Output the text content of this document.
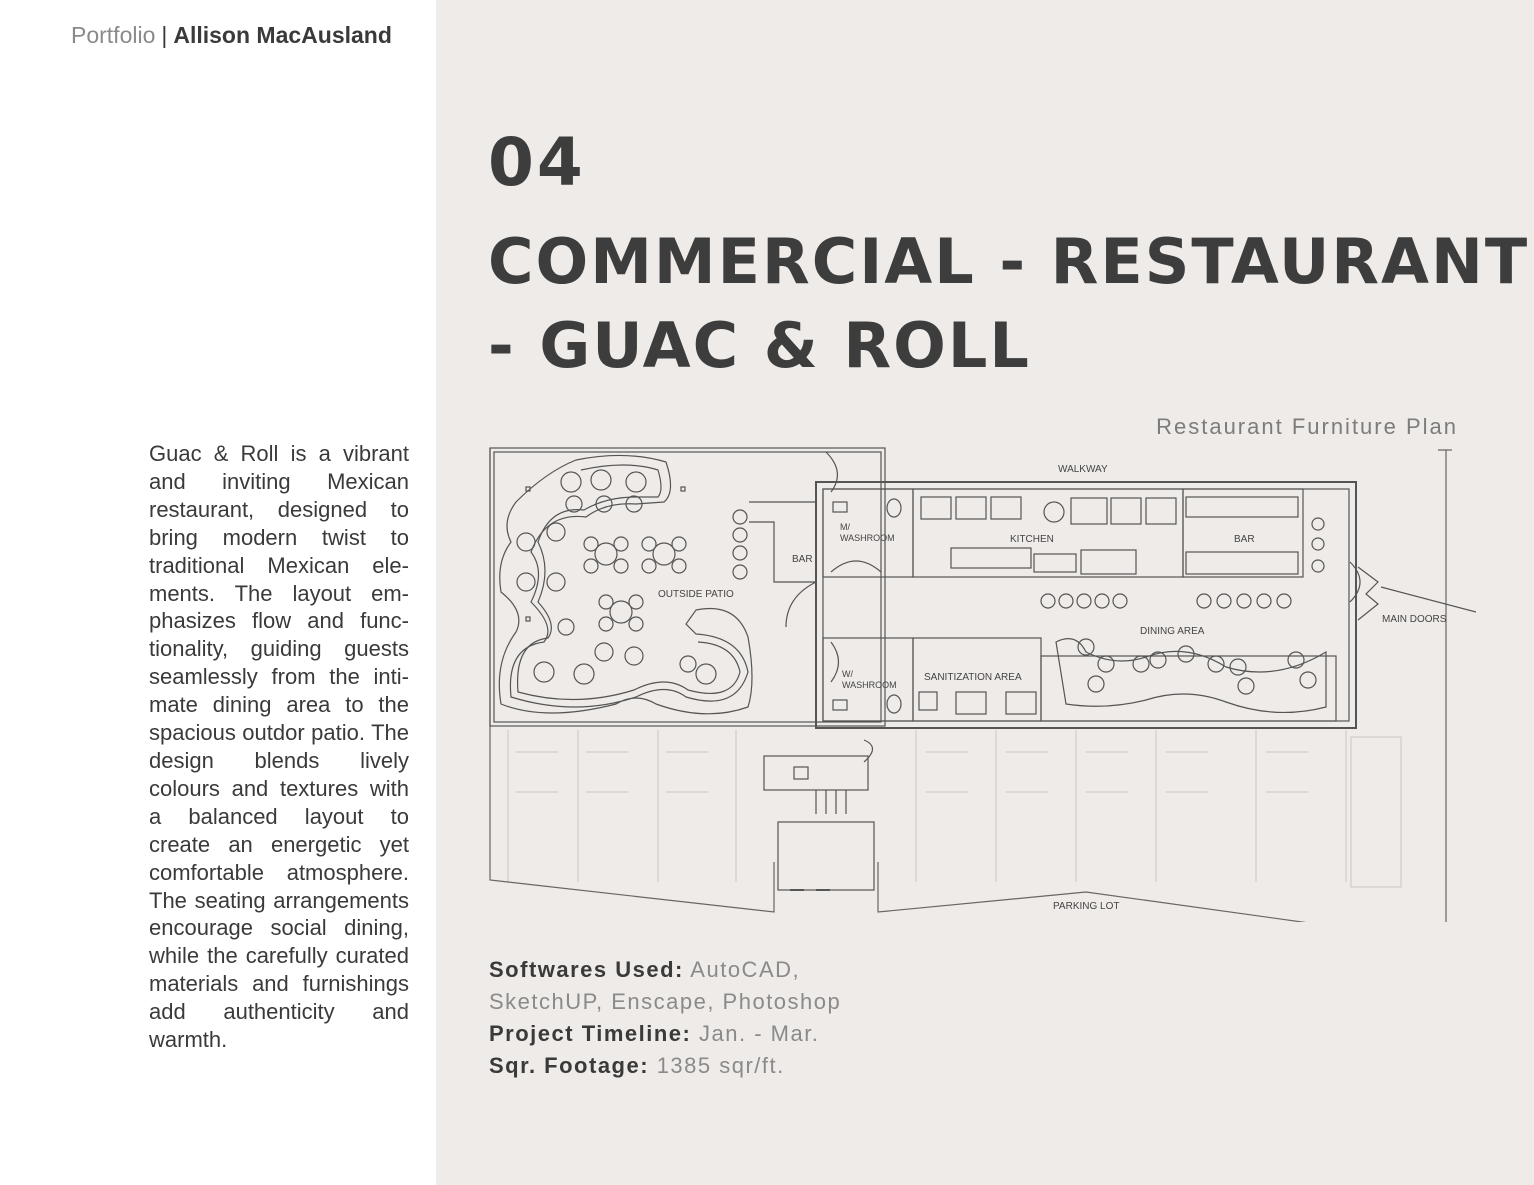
Portfolio | Allison MacAusland

Guac & Roll is a vibrant and inviting Mexican restaurant, designed to bring modern twist to traditional Mexican elements. The layout emphasizes flow and functionality, guiding guests seamlessly from the intimate dining area to the spacious outdor patio. The design blends lively colours and textures with a balanced layout to create an energetic yet comfortable atmosphere. The seating arrangements encourage social dining, while the carefully curated materials and furnishings add authenticity and warmth.

04
COMMERCIAL - RESTAURANT
- GUAC & ROLL
Restaurant Furniture Plan
BAR
OUTSIDE PATIO
WALKWAY
M/
WASHROOM	KITCHEN	BAR
MAIN DOORS
DINING AREA
W/
WASHROOM
SANITIZATION AREA
PARKING LOT
Softwares Used: AutoCAD,
SketchUP, Enscape, Photoshop
Project Timeline: Jan. - Mar.
Sqr. Footage: 1385 sqr/ft.
